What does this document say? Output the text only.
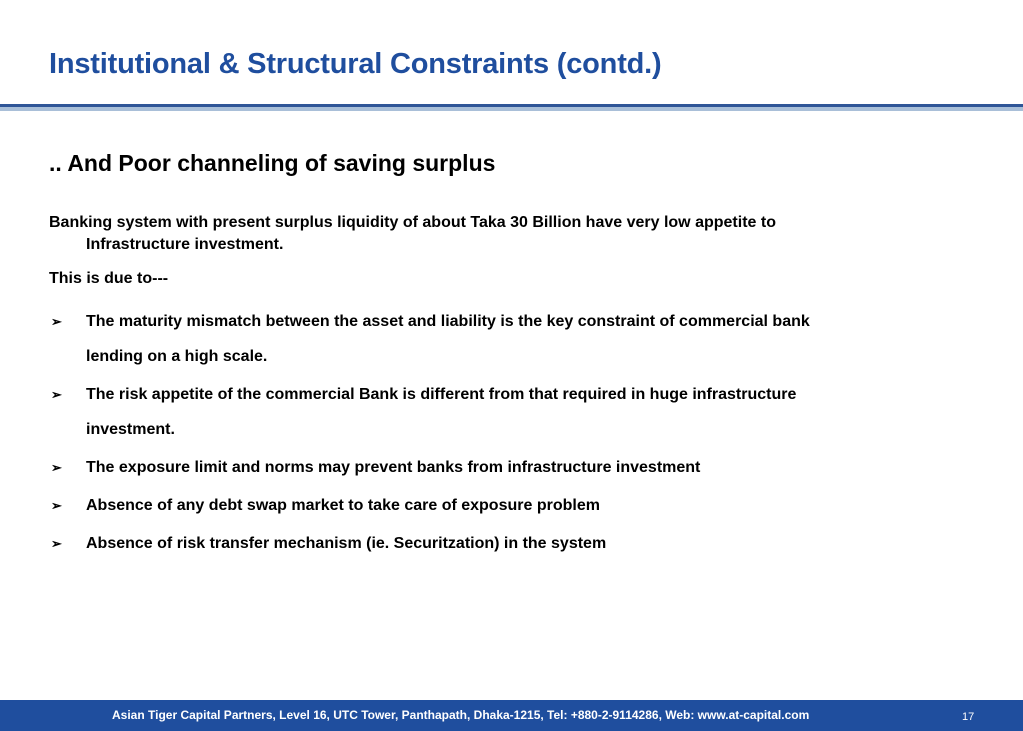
Institutional & Structural Constraints (contd.)
.. And Poor channeling of saving surplus

Banking system with present surplus liquidity of about Taka 30 Billion have very low appetite to
Infrastructure investment.

This is due to---

➢ The maturity mismatch between the asset and liability is the key constraint of commercial bank
lending on a high scale.
➢ The risk appetite of the commercial Bank is different from that required in huge infrastructure
investment.
➢ The exposure limit and norms may prevent banks from infrastructure investment
➢ Absence of any debt swap market to take care of exposure problem
➢ Absence of risk transfer mechanism (ie. Securitzation) in the system
Asian Tiger Capital Partners, Level 16, UTC Tower, Panthapath, Dhaka-1215, Tel: +880-2-9114286, Web: www.at-capital.com	17
